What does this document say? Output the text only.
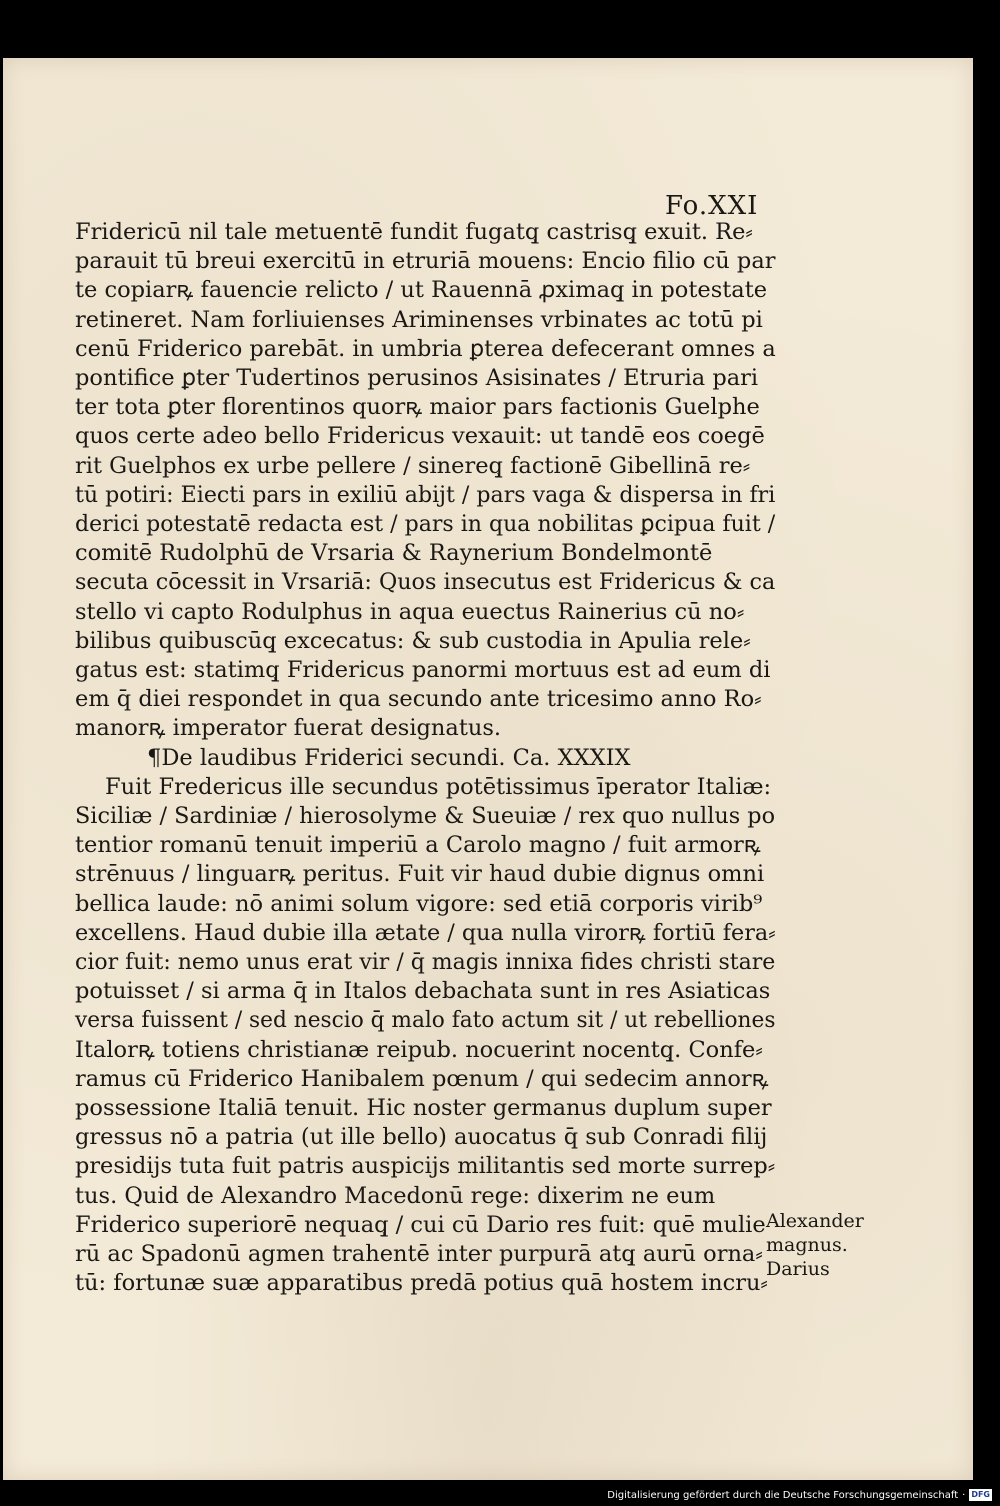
Fo.XXI
Fridericū nil tale metuentē fundit fugatq̧ castrisq̧ exuit. Re⸗
parauit tū breui exercitū in etruriā mouens: Encio filio cū par
te copiarꝶ fauencie relicto / ut Rauennā ꝓximaq̧ in potestate
retineret. Nam forliuienses Ariminenses vrbinates ac totū pi
cenū Friderico parebāt. in umbria ꝑterea defecerant omnes a
pontifice ꝑter Tudertinos perusinos Asisinates / Etruria pari
ter tota ꝑter florentinos quorꝶ maior pars factionis Guelphe
quos certe adeo bello Fridericus vexauit: ut tandē eos coegē
rit Guelphos ex urbe pellere / sinereq̧ factionē Gibellinā re⸗
tū potiri: Eiecti pars in exiliū abijt / pars vaga & dispersa in fri
derici potestatē redacta est / pars in qua nobilitas ꝑcipua fuit /
comitē Rudolphū de Vrsaria & Raynerium Bondelmontē
secuta cōcessit in Vrsariā: Quos insecutus est Fridericus & ca
stello vi capto Rodulphus in aqua euectus Rainerius cū no⸗
bilibus quibuscūq̧ excecatus: & sub custodia in Apulia rele⸗
gatus est: statimq̧ Fridericus panormi mortuus est ad eum di
em q̄ diei respondet in qua secundo ante tricesimo anno Ro⸗
manorꝶ imperator fuerat designatus.
¶De laudibus Friderici secundi. Ca. XXXIX
Fuit Fredericus ille secundus potētissimus īperator Italiæ:
Siciliæ / Sardiniæ / hierosolyme & Sueuiæ / rex quo nullus po
tentior romanū tenuit imperiū a Carolo magno / fuit armorꝶ
strēnuus / linguarꝶ peritus. Fuit vir haud dubie dignus omni
bellica laude: nō animi solum vigore: sed etiā corporis virib⁹
excellens. Haud dubie illa ætate / qua nulla virorꝶ fortiū fera⸗
cior fuit: nemo unus erat vir / q̄ magis innixa fides christi stare
potuisset / si arma q̄ in Italos debachata sunt in res Asiaticas
versa fuissent / sed nescio q̄ malo fato actum sit / ut rebelliones
Italorꝶ totiens christianæ reipub. nocuerint nocentq̧. Confe⸗
ramus cū Friderico Hanibalem pœnum / qui sedecim annorꝶ
possessione Italiā tenuit. Hic noster germanus duplum super
gressus nō a patria (ut ille bello) auocatus q̄ sub Conradi filij
presidijs tuta fuit patris auspicijs militantis sed morte surrep⸗
tus. Quid de Alexandro Macedonū rege: dixerim ne eum
Friderico superiorē nequaq̧ / cui cū Dario res fuit: quē mulie
rū ac Spadonū agmen trahentē inter purpurā atq̧ aurū orna⸗
tū: fortunæ suæ apparatibus predā potius quā hostem incru⸗
Alexander
magnus.
Darius
Digitalisierung gefördert durch die Deutsche Forschungsgemeinschaft · DFG
